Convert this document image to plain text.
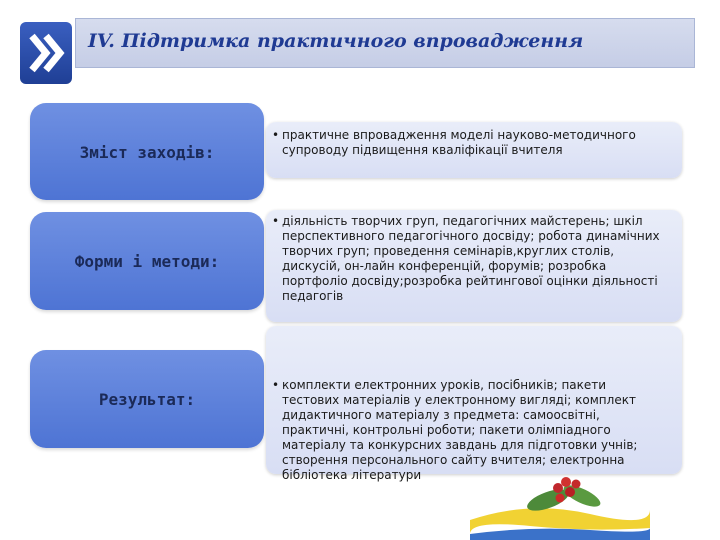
IV. Підтримка практичного впровадження
Зміст заходів:
• практичне впровадження моделі науково-методичного супроводу підвищення кваліфікації вчителя
Форми і методи:
• діяльність творчих груп, педагогічних майстерень; шкіл перспективного педагогічного досвіду; робота динамічних творчих груп; проведення семінарів,круглих столів, дискусій, он-лайн конференцій, форумів; розробка портфоліо досвіду;розробка рейтингової оцінки діяльності педагогів
Результат:
• комплекти електронних уроків, посібників; пакети тестових матеріалів у електронному вигляді; комплект дидактичного матеріалу з предмета: самоосвітні, практичні, контрольні роботи; пакети олімпіадного матеріалу та конкурсних завдань для підготовки учнів; створення персонального сайту вчителя; електронна бібліотека літератури
